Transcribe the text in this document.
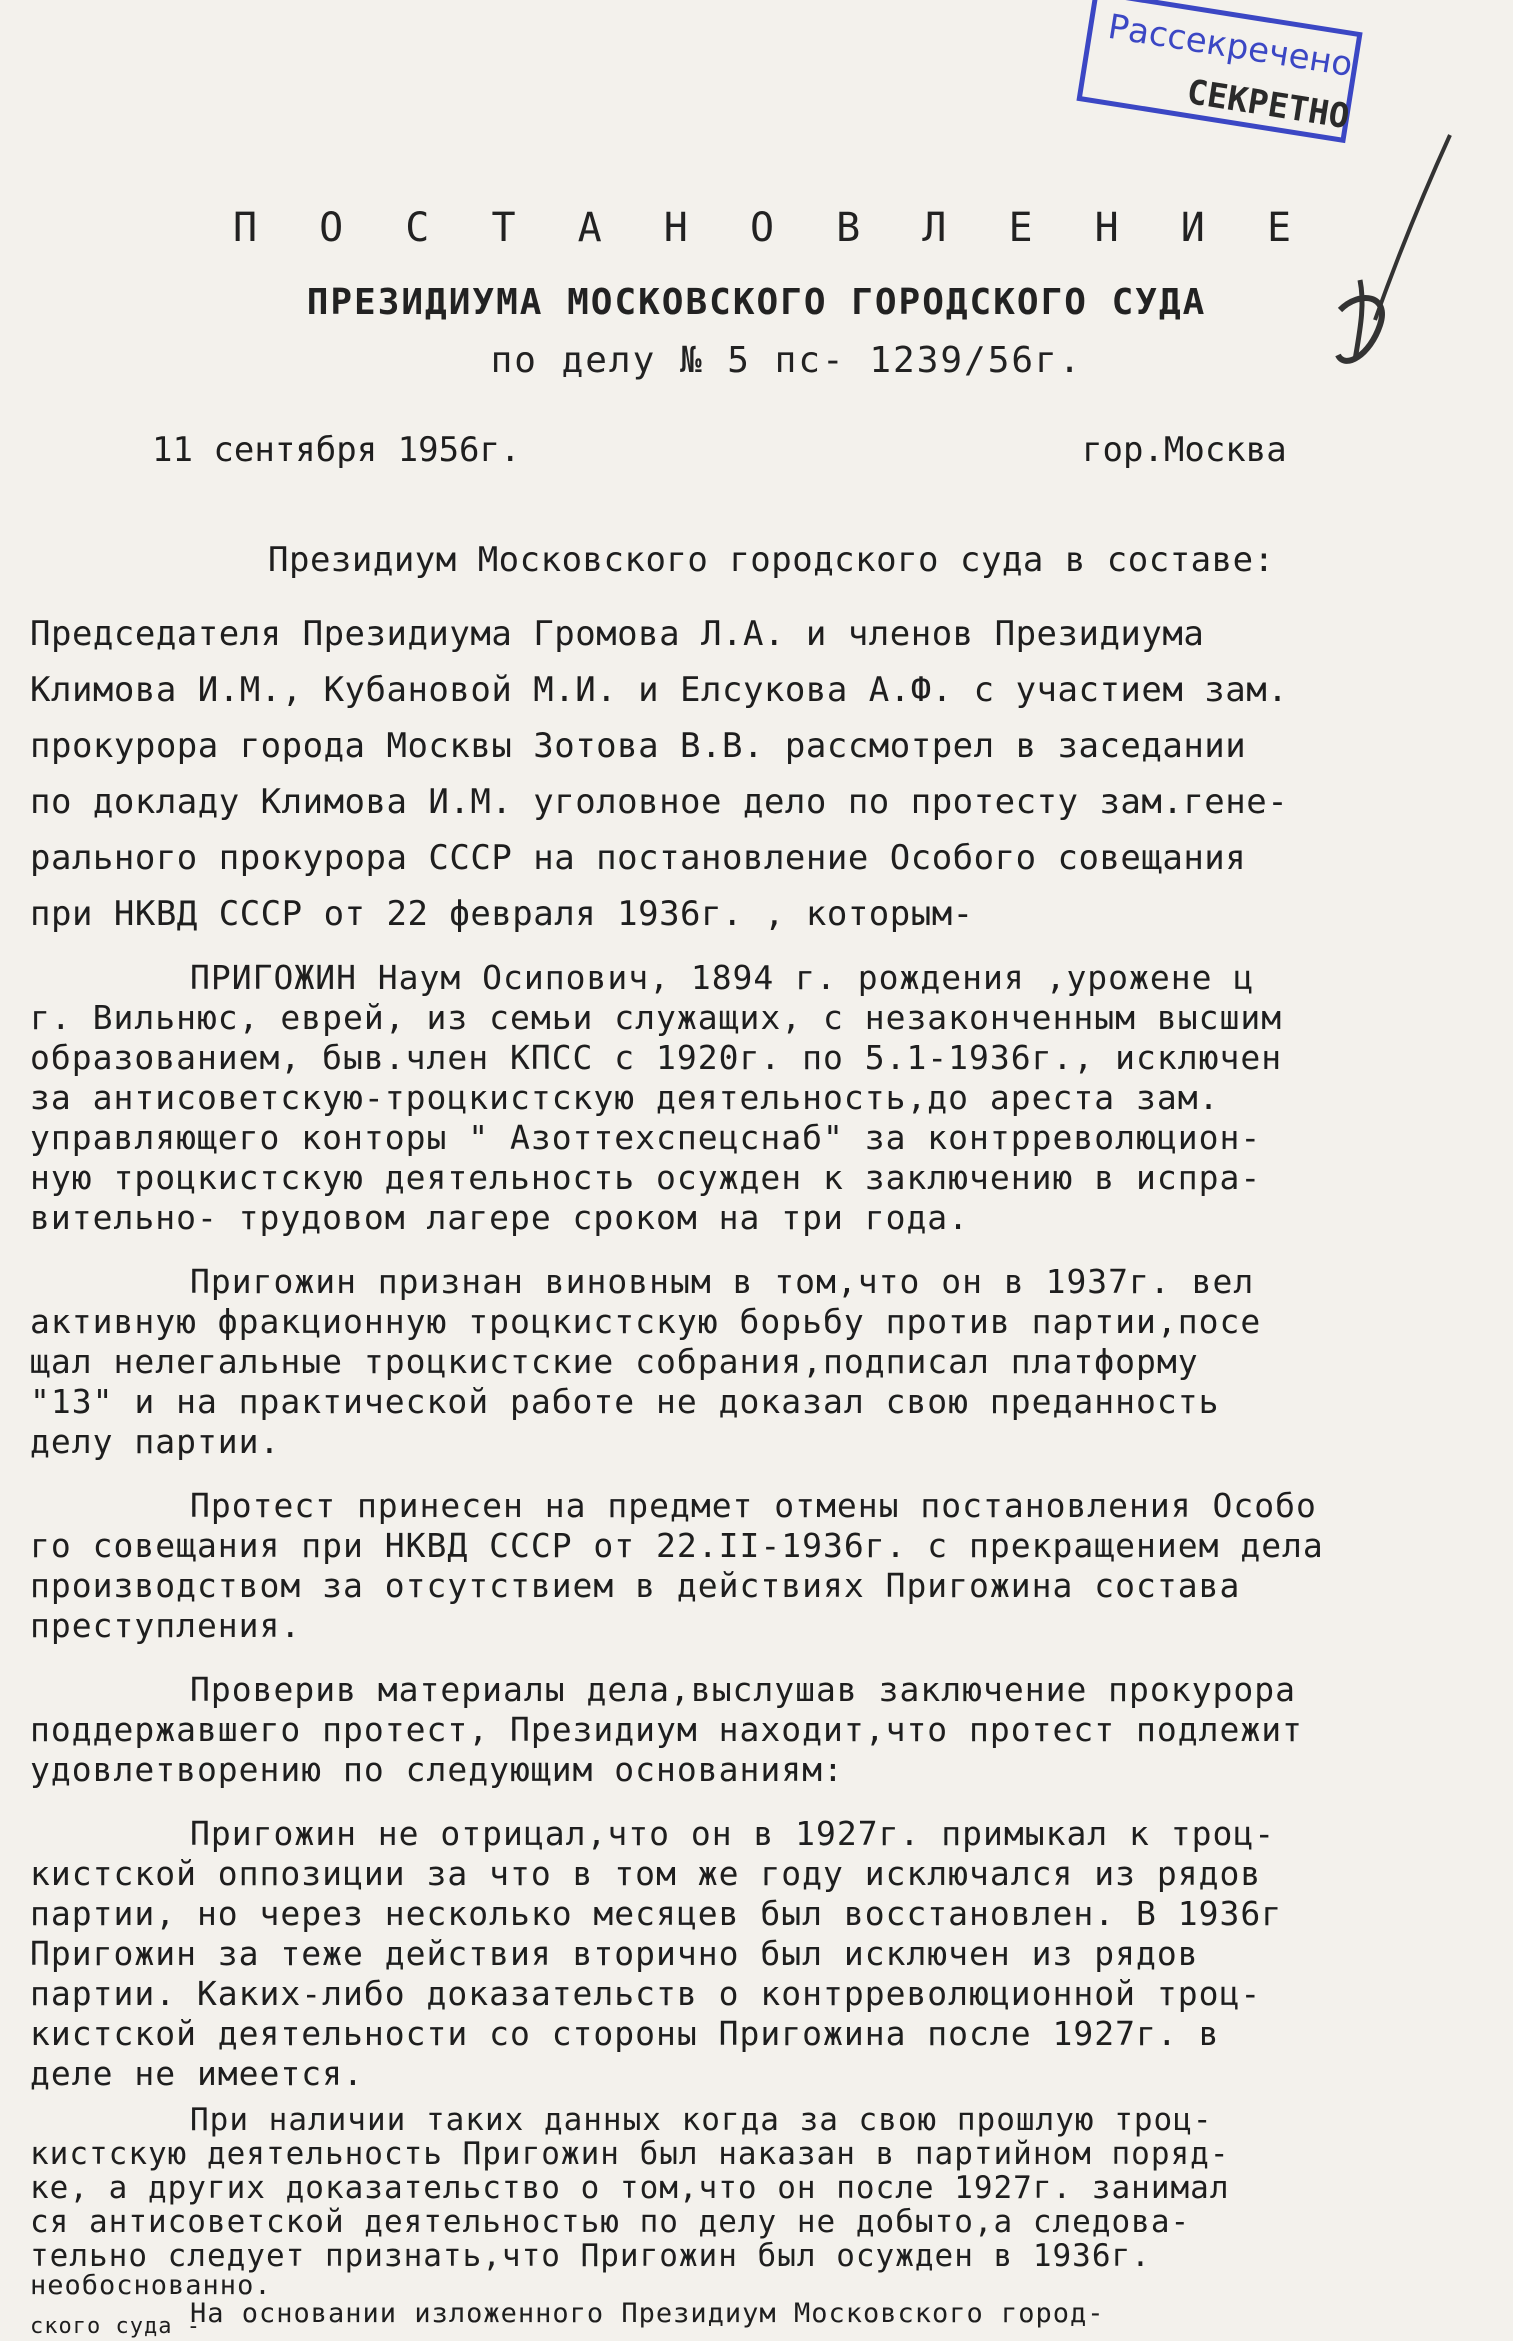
Рассекречено
СЕКРЕТНО
П О С Т А Н О В Л Е Н И Е
ПРЕЗИДИУМА МОСКОВСКОГО ГОРОДСКОГО СУДА
по делу № 5 пс- 1239/56г.
11 сентября 1956г.	гор.Москва
Президиум Московского городского суда в составе:
Председателя Президиума Громова Л.А. и членов Президиума
Климова И.М., Кубановой М.И. и Елсукова А.Ф. с участием зам.
прокурора города Москвы Зотова В.В. рассмотрел в заседании
по докладу Климова И.М. уголовное дело по протесту зам.гене-
рального прокурора СССР на постановление Особого совещания
при НКВД СССР от 22 февраля 1936г. , которым-
ПРИГОЖИН Наум Осипович, 1894 г. рождения ,урожене ц
г. Вильнюс, еврей, из семьи служащих, с незаконченным высшим
образованием, быв.член КПСС с 1920г. по 5.1-1936г., исключен
за антисоветскую-троцкистскую деятельность,до ареста зам.
управляющего конторы " Азоттехспецснаб" за контрреволюцион-
ную троцкистскую деятельность осужден к заключению в испра-
вительно- трудовом лагере сроком на три года.
Пригожин признан виновным в том,что он в 1937г. вел
активную фракционную троцкистскую борьбу против партии,посе
щал нелегальные троцкистские собрания,подписал платформу
"13" и на практической работе не доказал свою преданность
делу партии.
Протест принесен на предмет отмены постановления Особо
го совещания при НКВД СССР от 22.II-1936г. с прекращением дела
производством за отсутствием в действиях Пригожина состава
преступления.
Проверив материалы дела,выслушав заключение прокурора
поддержавшего протест, Президиум находит,что протест подлежит
удовлетворению по следующим основаниям:
Пригожин не отрицал,что он в 1927г. примыкал к троц-
кистской оппозиции за что в том же году исключался из рядов
партии, но через несколько месяцев был восстановлен. В 1936г
Пригожин за теже действия вторично был исключен из рядов
партии. Каких-либо доказательств о контрреволюционной троц-
кистской деятельности со стороны Пригожина после 1927г. в
деле не имеется.
При наличии таких данных когда за свою прошлую троц-
кистскую деятельность Пригожин был наказан в партийном поряд-
ке, а других доказательство о том,что он после 1927г. занимал
ся антисоветской деятельностью по делу не добыто,а следова-
тельно следует признать,что Пригожин был осужден в 1936г.
необоснованно.
На основании изложенного Президиум Московского город-
ского суда -
